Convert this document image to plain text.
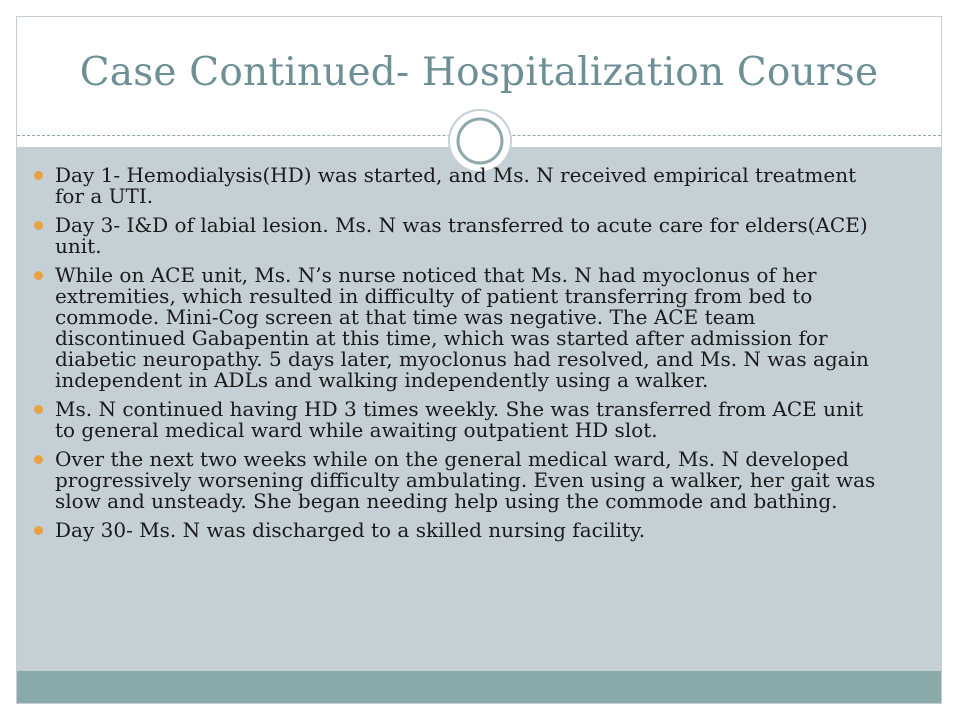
Case Continued- Hospitalization Course
Day 1- Hemodialysis(HD) was started, and Ms. N received empirical treatment for a UTI.
Day 3- I&D of labial lesion. Ms. N was transferred to acute care for elders(ACE) unit.
While on ACE unit, Ms. N’s nurse noticed that Ms. N had myoclonus of her extremities, which resulted in difficulty of patient transferring from bed to commode. Mini-Cog screen at that time was negative. The ACE team discontinued Gabapentin at this time, which was started after admission for diabetic neuropathy. 5 days later, myoclonus had resolved, and Ms. N was again independent in ADLs and walking independently using a walker.
Ms. N continued having HD 3 times weekly. She was transferred from ACE unit to general medical ward while awaiting outpatient HD slot.
Over the next two weeks while on the general medical ward, Ms. N developed progressively worsening difficulty ambulating. Even using a walker, her gait was slow and unsteady. She began needing help using the commode and bathing.
Day 30- Ms. N was discharged to a skilled nursing facility.
